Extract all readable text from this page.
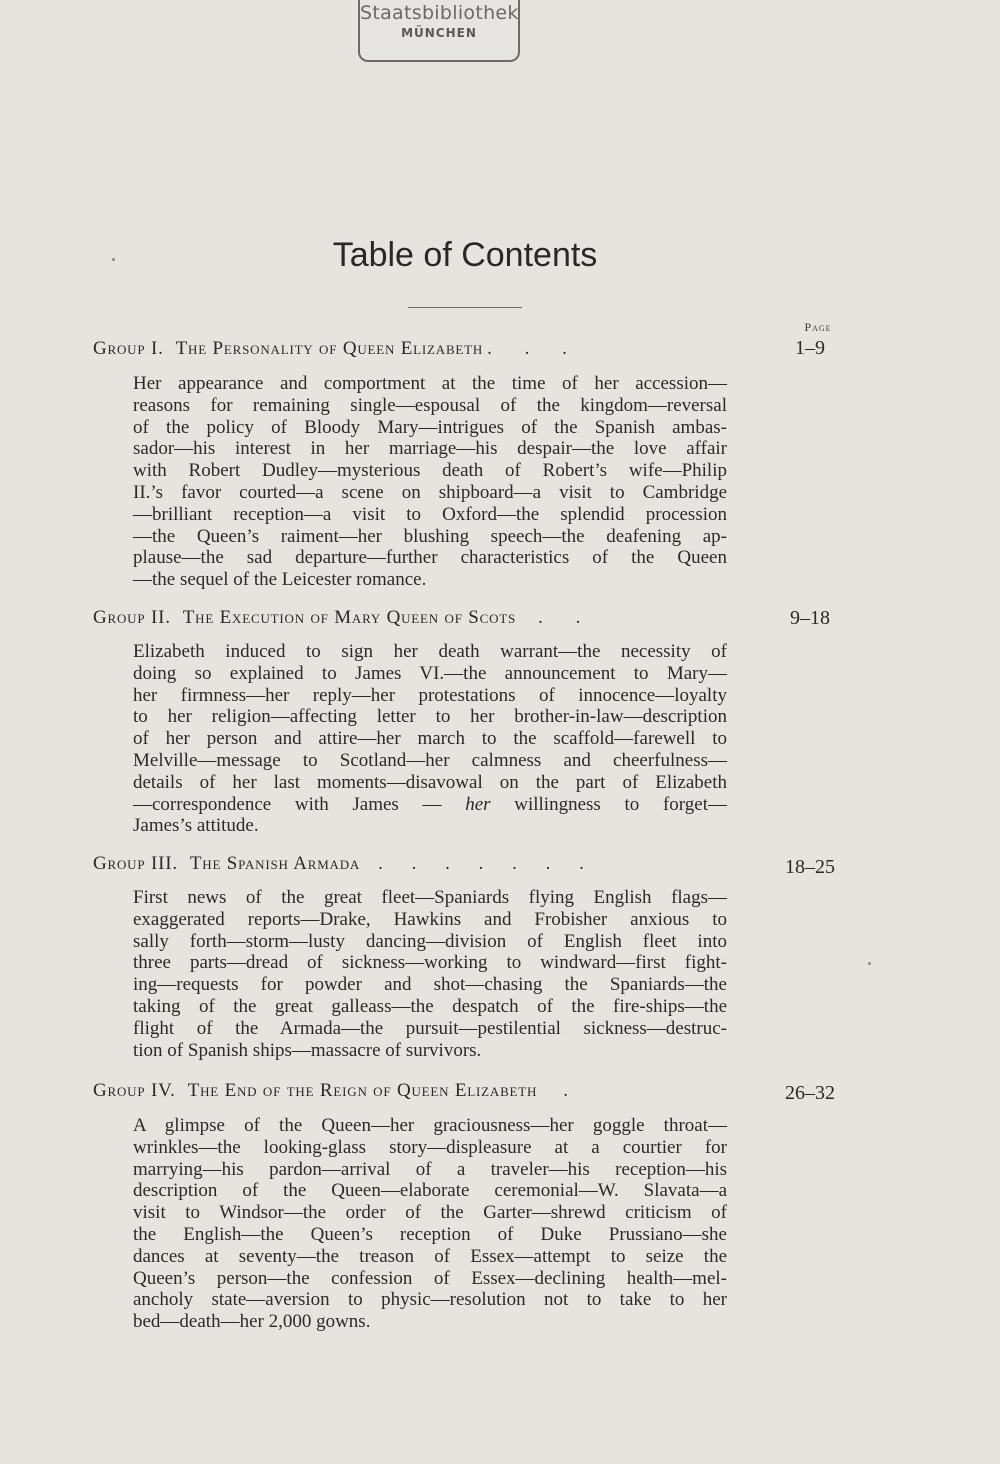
Staatsbibliothek
MÜNCHEN
Table of Contents
Page
Group I. The Personality of Queen Elizabeth . . .	1–9
Her appearance and comportment at the time of her accession—
reasons for remaining single—espousal of the kingdom—reversal
of the policy of Bloody Mary—intrigues of the Spanish ambas-
sador—his interest in her marriage—his despair—the love affair
with Robert Dudley—mysterious death of Robert’s wife—Philip
II.’s favor courted—a scene on shipboard—a visit to Cambridge
—brilliant reception—a visit to Oxford—the splendid procession
—the Queen’s raiment—her blushing speech—the deafening ap-
plause—the sad departure—further characteristics of the Queen
—the sequel of the Leicester romance.
Group II. The Execution of Mary Queen of Scots . .	9–18
Elizabeth induced to sign her death warrant—the necessity of
doing so explained to James VI.—the announcement to Mary—
her firmness—her reply—her protestations of innocence—loyalty
to her religion—affecting letter to her brother-in-law—description
of her person and attire—her march to the scaffold—farewell to
Melville—message to Scotland—her calmness and cheerfulness—
details of her last moments—disavowal on the part of Elizabeth
—correspondence with James — her willingness to forget—
James’s attitude.
Group III. The Spanish Armada . . . . . . .	18–25
First news of the great fleet—Spaniards flying English flags—
exaggerated reports—Drake, Hawkins and Frobisher anxious to
sally forth—storm—lusty dancing—division of English fleet into
three parts—dread of sickness—working to windward—first fight-
ing—requests for powder and shot—chasing the Spaniards—the
taking of the great galleass—the despatch of the fire-ships—the
flight of the Armada—the pursuit—pestilential sickness—destruc-
tion of Spanish ships—massacre of survivors.
Group IV. The End of the Reign of Queen Elizabeth .	26–32
A glimpse of the Queen—her graciousness—her goggle throat—
wrinkles—the looking-glass story—displeasure at a courtier for
marrying—his pardon—arrival of a traveler—his reception—his
description of the Queen—elaborate ceremonial—W. Slavata—a
visit to Windsor—the order of the Garter—shrewd criticism of
the English—the Queen’s reception of Duke Prussiano—she
dances at seventy—the treason of Essex—attempt to seize the
Queen’s person—the confession of Essex—declining health—mel-
ancholy state—aversion to physic—resolution not to take to her
bed—death—her 2,000 gowns.
